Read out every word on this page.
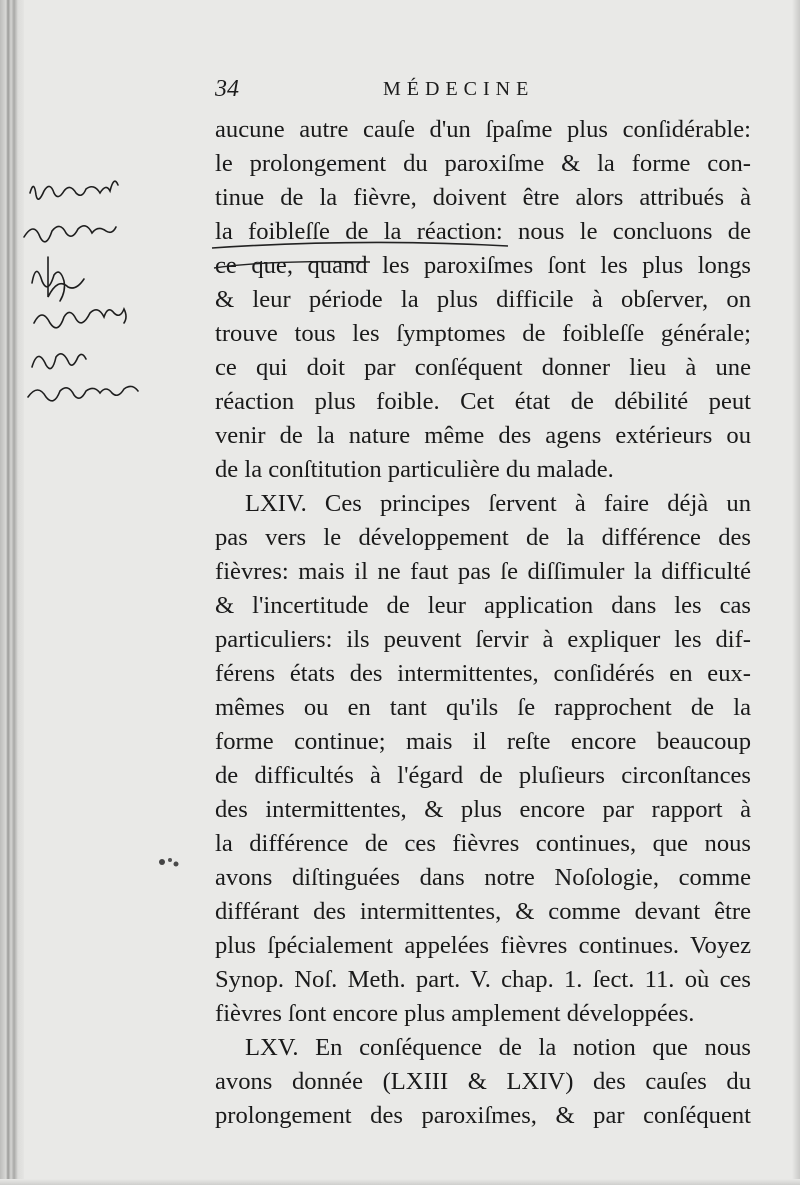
34	MÉDECINE
aucune autre cauſe d'un ſpaſme plus conſidérable:
le prolongement du paroxiſme & la forme con-
tinue de la fièvre, doivent être alors attribués à
la foibleſſe de la réaction: nous le concluons de
ce que, quand les paroxiſmes ſont les plus longs
& leur période la plus difficile à obſerver, on
trouve tous les ſymptomes de foibleſſe générale;
ce qui doit par conſéquent donner lieu à une
réaction plus foible. Cet état de débilité peut
venir de la nature même des agens extérieurs ou
de la conſtitution particulière du malade.
LXIV. Ces principes ſervent à faire déjà un
pas vers le développement de la différence des
fièvres: mais il ne faut pas ſe diſſimuler la difficulté
& l'incertitude de leur application dans les cas
particuliers: ils peuvent ſervir à expliquer les dif-
férens états des intermittentes, conſidérés en eux-
mêmes ou en tant qu'ils ſe rapprochent de la
forme continue; mais il reſte encore beaucoup
de difficultés à l'égard de pluſieurs circonſtances
des intermittentes, & plus encore par rapport à
la différence de ces fièvres continues, que nous
avons diſtinguées dans notre Noſologie, comme
différant des intermittentes, & comme devant être
plus ſpécialement appelées fièvres continues. Voyez
Synop. Noſ. Meth. part. V. chap. 1. ſect. 11. où ces
fièvres ſont encore plus amplement développées.
LXV. En conſéquence de la notion que nous
avons donnée (LXIII & LXIV) des cauſes du
prolongement des paroxiſmes, & par conſéquent
